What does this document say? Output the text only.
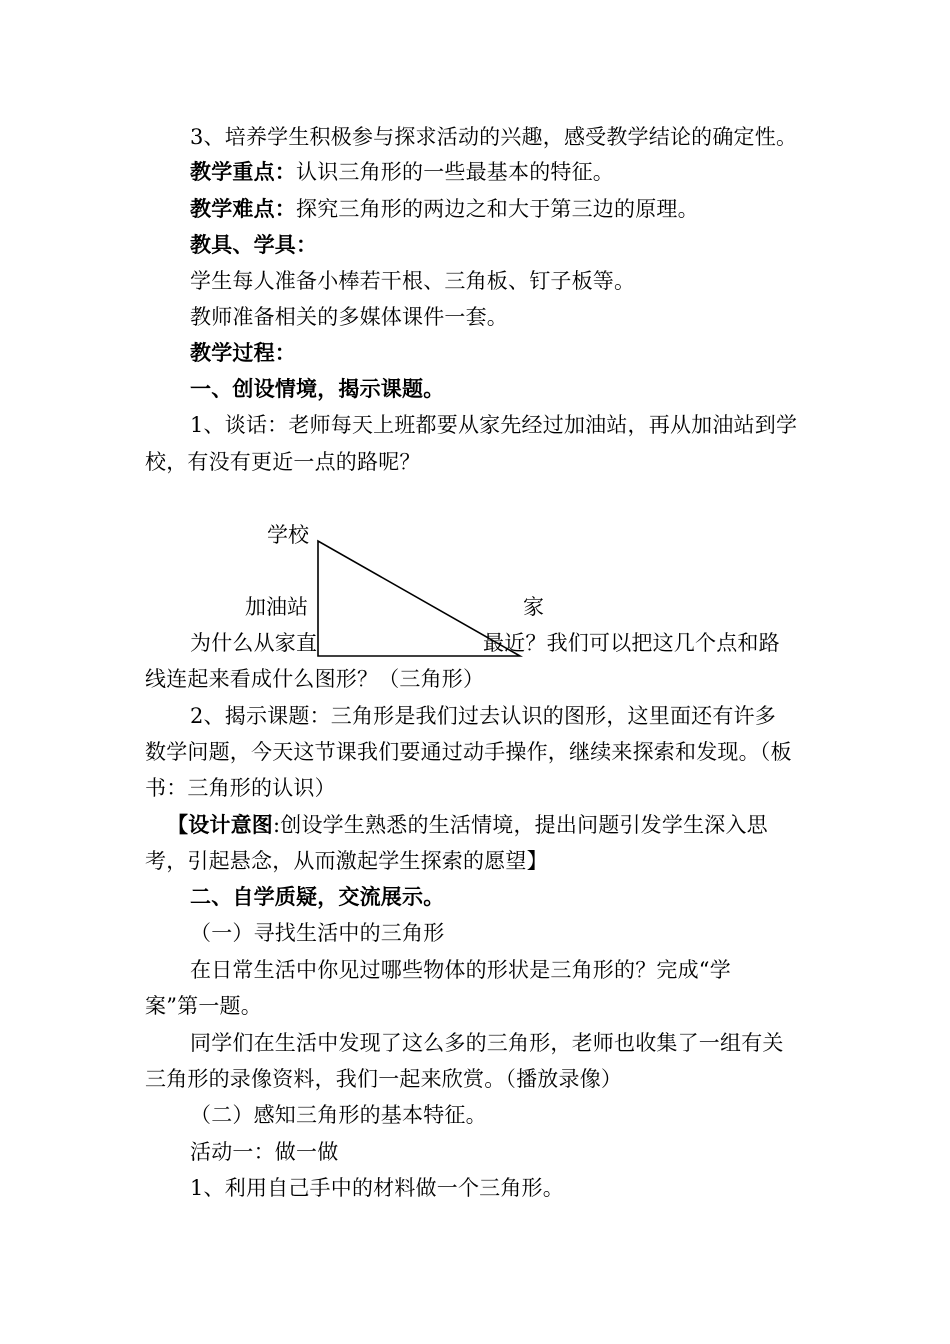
3、培养学生积极参与探求活动的兴趣，感受教学结论的确定性。
教学重点：认识三角形的一些最基本的特征。
教学难点：探究三角形的两边之和大于第三边的原理。
教具、学具：
学生每人准备小棒若干根、三角板、钉子板等。
教师准备相关的多媒体课件一套。
教学过程：
一、创设情境，揭示课题。
1、谈话：老师每天上班都要从家先经过加油站，再从加油站到学
校，有没有更近一点的路呢？
学校
加油站	家
为什么从家直	最近？我们可以把这几个点和路
线连起来看成什么图形？（三角形）
2、揭示课题：三角形是我们过去认识的图形，这里面还有许多
数学问题，今天这节课我们要通过动手操作，继续来探索和发现。（板
书：三角形的认识）
【设计意图:创设学生熟悉的生活情境，提出问题引发学生深入思
考，引起悬念，从而激起学生探索的愿望】
二、自学质疑，交流展示。
（一）寻找生活中的三角形
在日常生活中你见过哪些物体的形状是三角形的？完成“学
案”第一题。
同学们在生活中发现了这么多的三角形，老师也收集了一组有关
三角形的录像资料，我们一起来欣赏。（播放录像）
（二）感知三角形的基本特征。
活动一：做一做
1、利用自己手中的材料做一个三角形。
